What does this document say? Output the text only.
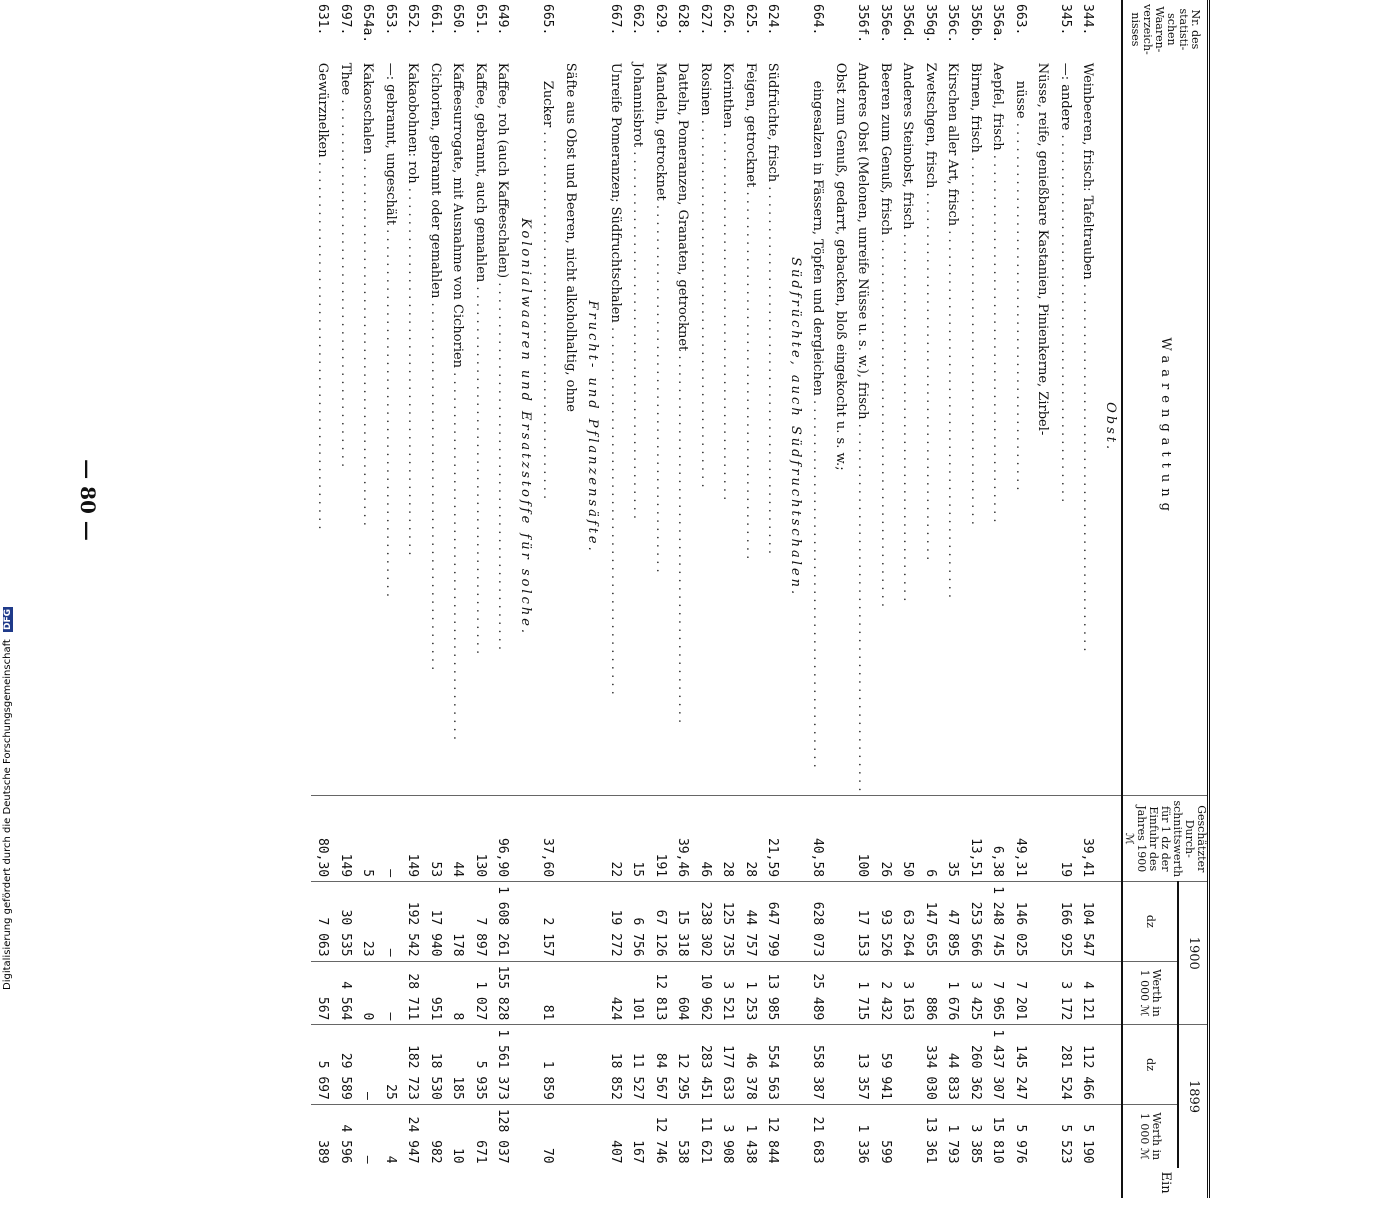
Nr. des statisti- schen Waaren- verzeich- nisses	Waarengattung	Geschätzter Durch- schnittswerth für 1 dz der Einfuhr des Jahres 1900
ℳ	1900		1899		Ein
			dz	Werth in 1 000 ℳ	dz	Werth in 1 000 ℳ	
	Obst.						
344.	Weinbeeren, frisch: Tafeltrauben . . .	39,41	104 547	4 121	112 466	5 190	
345.	—: andere . . .	19	166 925	3 172	281 524	5 523	
663.	Nüsse, reife, genießbare Kastanien, Pinienkerne, Zirbel-
nüsse . . .	49,31	146 025	7 201	145 247	5 976	
356a.	Aepfel, frisch . . .	6,38	1 248 745	7 965	1 437 307	15 810	
356b.	Birnen, frisch . . .	13,51	253 566	3 425	260 362	3 385	
356c.	Kirschen aller Art, frisch . . .	35	47 895	1 676	44 833	1 793	
356g.	Zwetschgen, frisch . . .	6	147 655	886	334 030	13 361	
356d.	Anderes Steinobst, frisch . . .	50	63 264	3 163			
356e.	Beeren zum Genuß, frisch . . .	26	93 526	2 432	59 941	599	
356f.	Anderes Obst (Melonen, unreife Nüsse u. s. w.), frisch . . .	100	17 153	1 715	13 357	1 336	
664.	Obst zum Genuß, gedarrt, gebacken, bloß eingekocht u. s. w.;
eingesalzen in Fässern, Töpfen und dergleichen . . .	40,58	628 073	25 489	558 387	21 683	
	Südfrüchte, auch Südfruchtschalen.						
624.	Südfrüchte, frisch . . .	21,59	647 799	13 985	554 563	12 844	
625.	Feigen, getrocknet . . .	28	44 757	1 253	46 378	1 438	
626.	Korinthen . . .	28	125 735	3 521	177 633	3 908	
627.	Rosinen . . .	46	238 302	10 962	283 451	11 621	
628.	Datteln, Pomeranzen, Granaten, getrocknet . . .	39,46	15 318	604	12 295	538	
629.	Mandeln, getrocknet . . .	191	67 126	12 813	84 567	12 746	
662.	Johannisbrot . . .	15	6 756	101	11 527	167	
667.	Unreife Pomeranzen; Südfruchtschalen . . .	22	19 272	424	18 852	407	
	Frucht- und Pflanzensäfte.						
665.	Säfte aus Obst und Beeren, nicht alkoholhaltig, ohne
Zucker . . .	37,60	2 157	81	1 859	70	
	Kolonialwaaren und Ersatzstoffe für solche.						
649.	Kaffee, roh (auch Kaffeeschalen) . . .	96,90	1 608 261	155 828	1 561 373	128 037	
651.	Kaffee, gebrannt, auch gemahlen . . .	130	7 897	1 027	5 935	671	
650.	Kaffeesurrogate, mit Ausnahme von Cichorien . . .	44	178	8	185	10	
661.	Cichorien, gebrannt oder gemahlen . . .	53	17 940	951	18 530	982	
652.	Kakaobohnen: roh . . .	149	192 542	28 711	182 723	24 947	
653.	—: gebrannt, ungeschält . . .	—	—	—	25	4	
654a.	Kakaoschalen . . .	5	23	0	—	—	
697.	Thee . . .	149	30 535	4 564	29 589	4 596	
631.	Gewürznelken . . .	80,30	7 063	567	5 697	389	
— 80 —
Digitalisierung gefördert durch die Deutsche Forschungsgemeinschaft DFG
